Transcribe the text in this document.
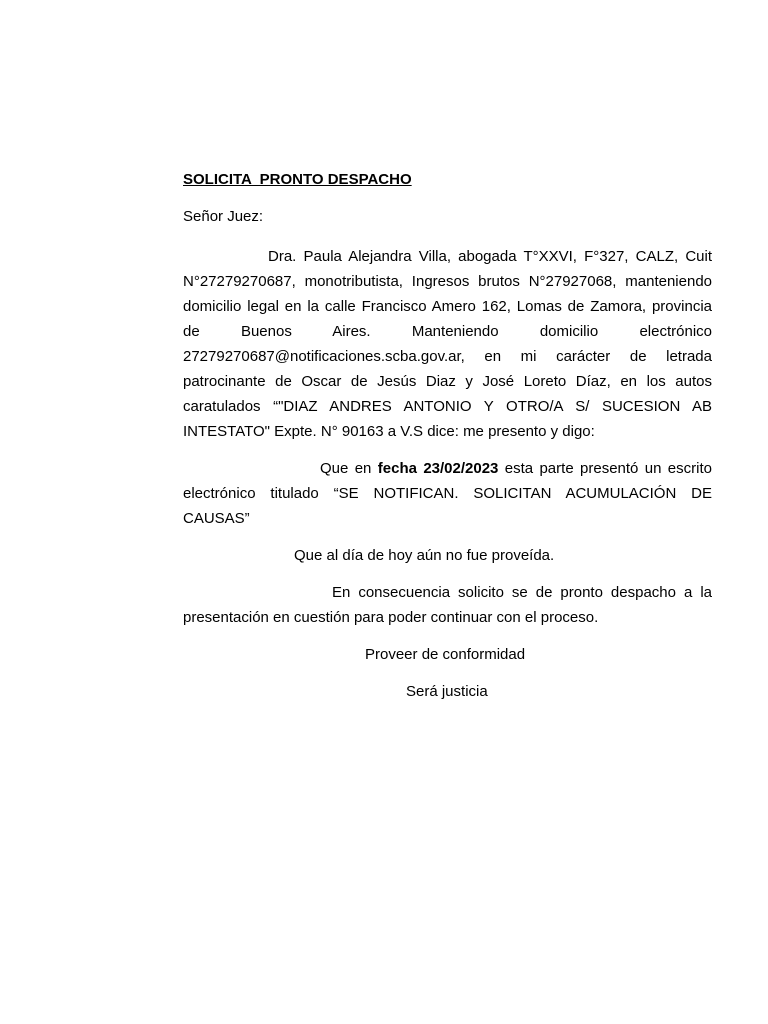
SOLICITA  PRONTO DESPACHO
Señor Juez:
Dra. Paula Alejandra Villa, abogada T°XXVI, F°327, CALZ, Cuit N°27279270687, monotributista, Ingresos brutos N°27927068, manteniendo domicilio legal en la calle Francisco Amero 162, Lomas de Zamora, provincia de Buenos Aires. Manteniendo domicilio electrónico 27279270687@notificaciones.scba.gov.ar, en mi carácter de letrada patrocinante de Oscar de Jesús Diaz y José Loreto Díaz, en los autos caratulados “"DIAZ ANDRES ANTONIO Y OTRO/A S/ SUCESION AB
INTESTATO" Expte. N° 90163 a V.S dice: me presento y digo:
Que en fecha 23/02/2023 esta parte presentó un escrito electrónico titulado “SE NOTIFICAN. SOLICITAN ACUMULACIÓN DE
CAUSAS”
Que al día de hoy aún no fue proveída.
En consecuencia solicito se de pronto despacho a la
presentación en cuestión para poder continuar con el proceso.
Proveer de conformidad
Será justicia
